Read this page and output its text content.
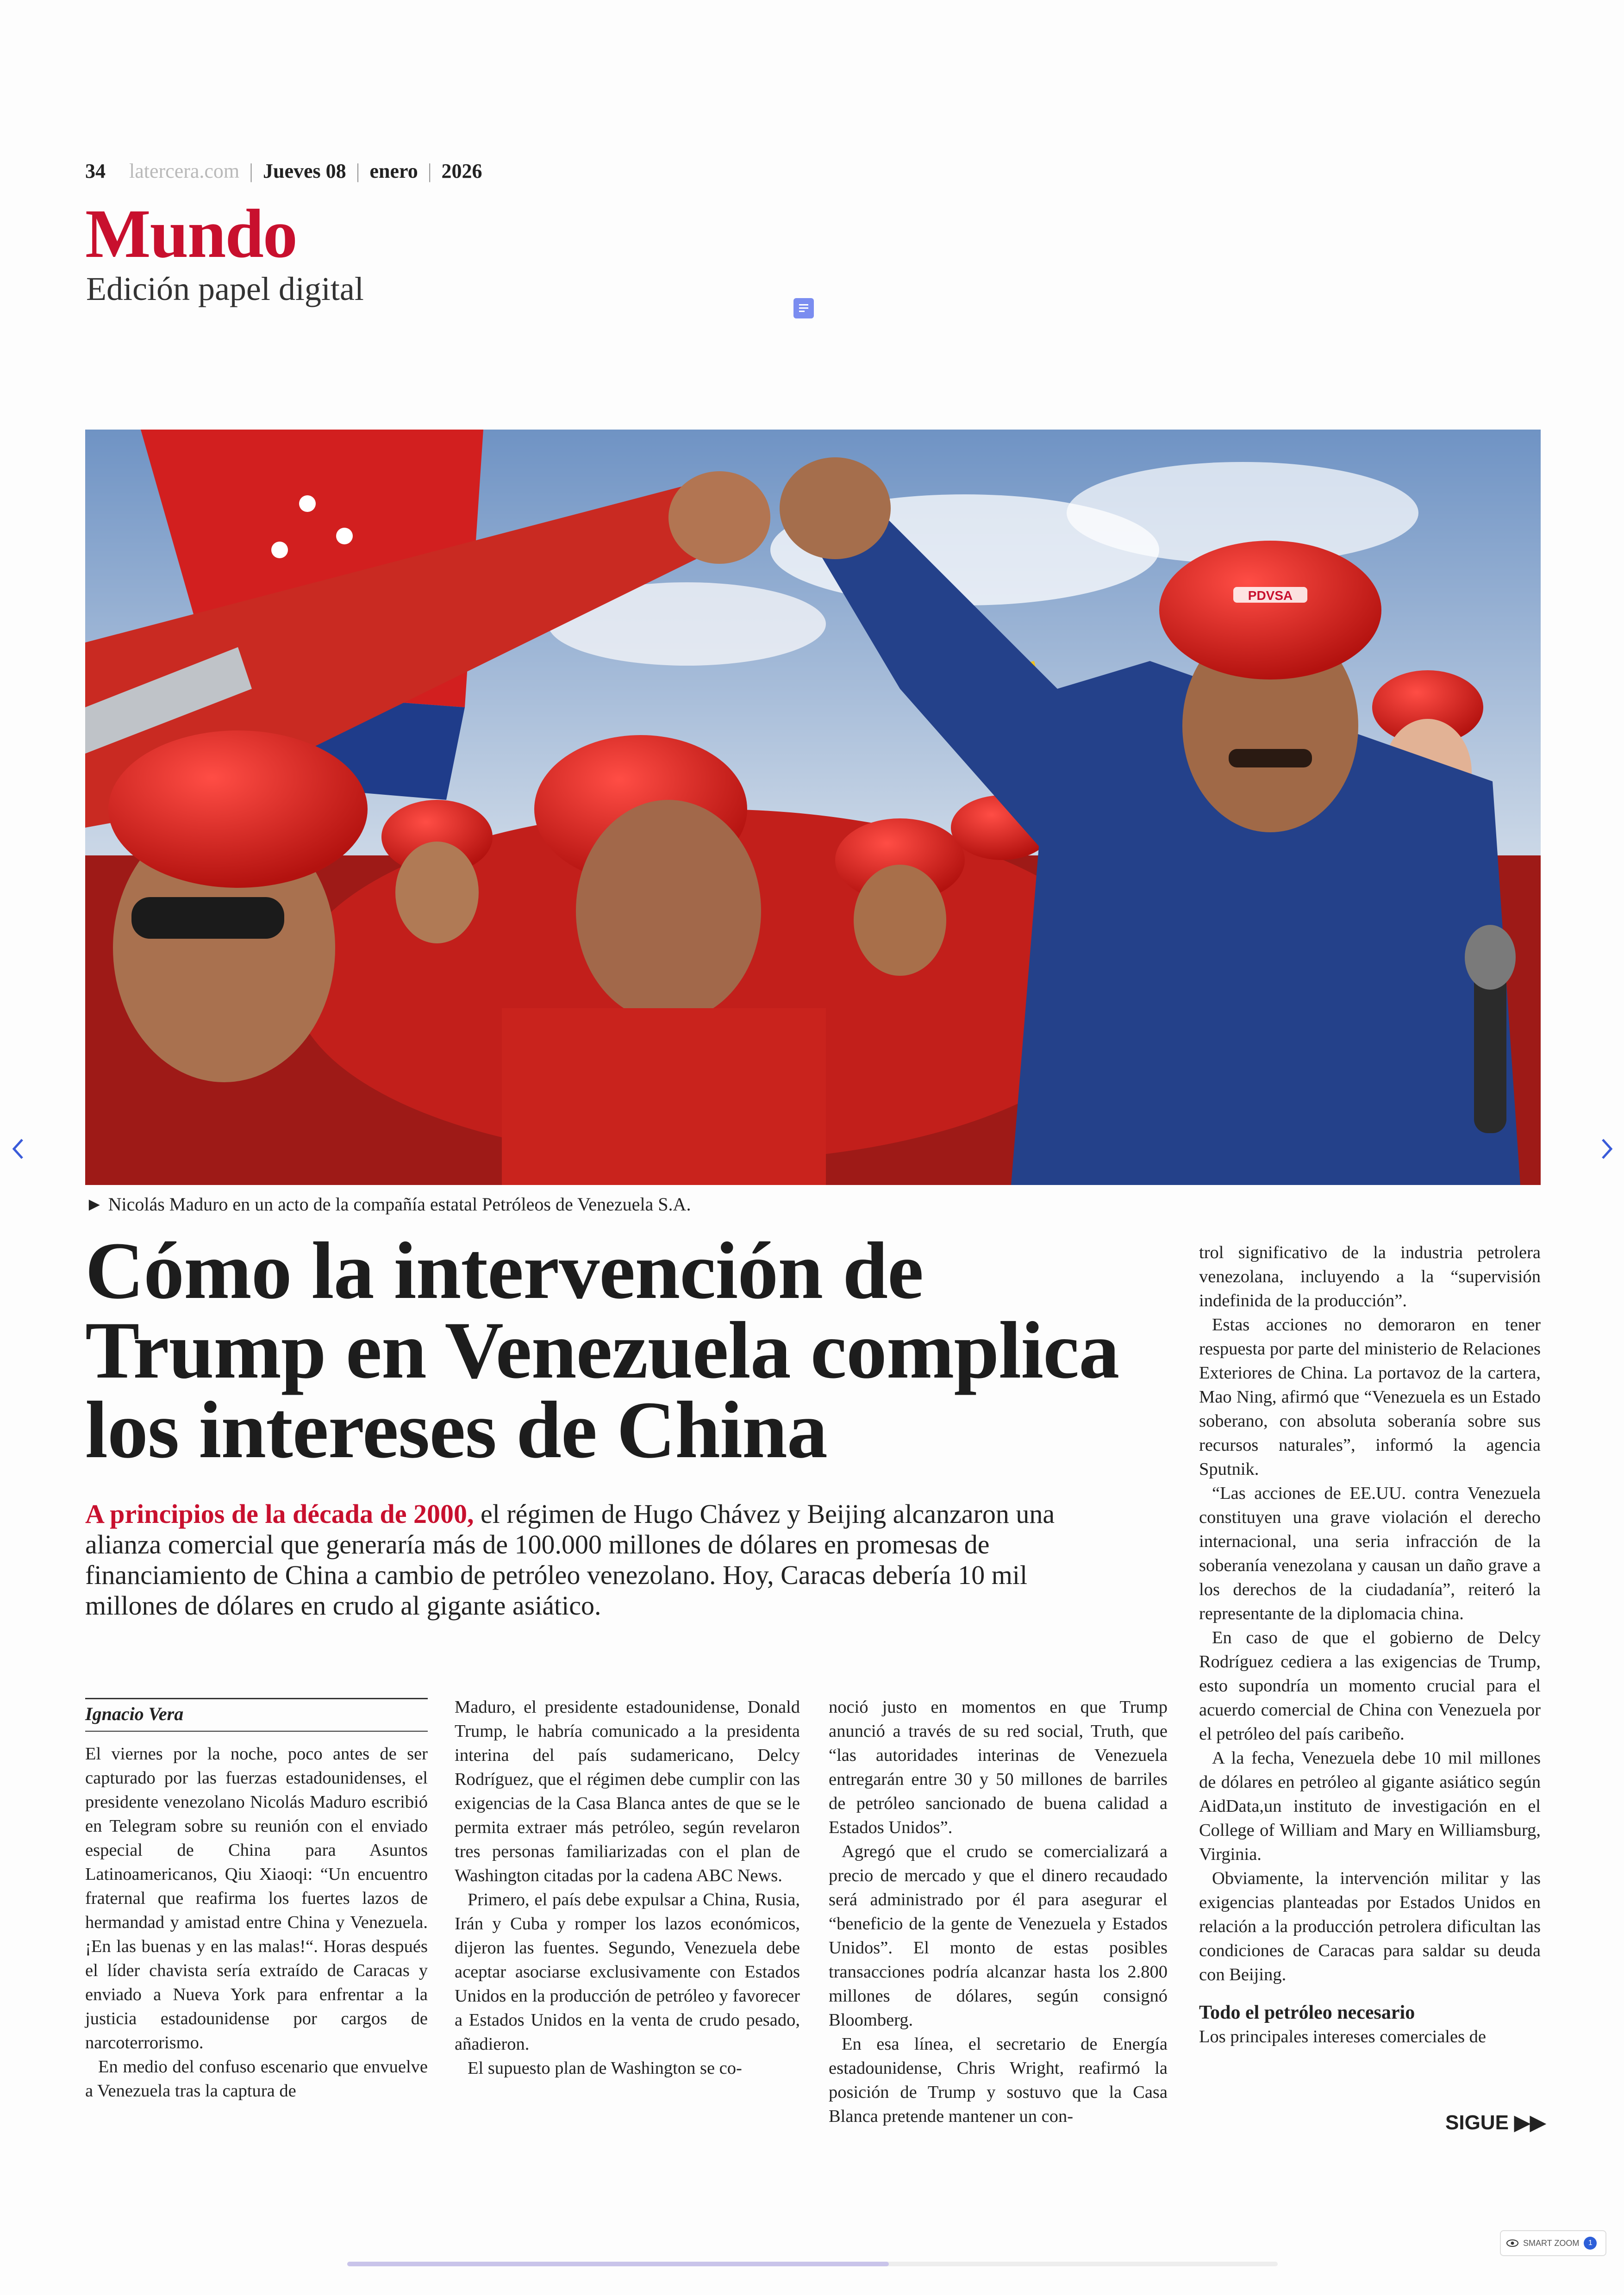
34 latercera.com | Jueves 08 | enero | 2026
Mundo
Edición papel digital
PDVSA
► Nicolás Maduro en un acto de la compañía estatal Petróleos de Venezuela S.A.
Cómo la intervención de Trump en Venezuela complica los intereses de China

A principios de la década de 2000, el régimen de Hugo Chávez y Beijing alcanzaron una alianza comercial que generaría más de 100.000 millones de dólares en promesas de financiamiento de China a cambio de petróleo venezolano. Hoy, Caracas debería 10 mil millones de dólares en crudo al gigante asiático.

Ignacio Vera

El viernes por la noche, poco antes de ser capturado por las fuerzas estadounidenses, el presidente venezolano Nicolás Maduro escribió en Telegram sobre su reunión con el enviado especial de China para Asuntos Latinoamericanos, Qiu Xiaoqi: “Un encuentro fraternal que reafirma los fuertes lazos de hermandad y amistad entre China y Venezuela. ¡En las buenas y en las malas!“. Horas después el líder chavista sería extraído de Caracas y enviado a Nueva York para enfrentar a la justicia estadounidense por cargos de narcoterrorismo.

En medio del confuso escenario que envuelve a Venezuela tras la captura de

Maduro, el presidente estadounidense, Donald Trump, le habría comunicado a la presidenta interina del país sudamericano, Delcy Rodríguez, que el régimen debe cumplir con las exigencias de la Casa Blanca antes de que se le permita extraer más petróleo, según revelaron tres personas familiarizadas con el plan de Washington citadas por la cadena ABC News.

Primero, el país debe expulsar a China, Rusia, Irán y Cuba y romper los lazos económicos, dijeron las fuentes. Segundo, Venezuela debe aceptar asociarse exclusivamente con Estados Unidos en la producción de petróleo y favorecer a Estados Unidos en la venta de crudo pesado, añadieron.

El supuesto plan de Washington se co-

noció justo en momentos en que Trump anunció a través de su red social, Truth, que “las autoridades interinas de Venezuela entregarán entre 30 y 50 millones de barriles de petróleo sancionado de buena calidad a Estados Unidos”.

Agregó que el crudo se comercializará a precio de mercado y que el dinero recaudado será administrado por él para asegurar el “beneficio de la gente de Venezuela y Estados Unidos”. El monto de estas posibles transacciones podría alcanzar hasta los 2.800 millones de dólares, según consignó Bloomberg.

En esa línea, el secretario de Energía estadounidense, Chris Wright, reafirmó la posición de Trump y sostuvo que la Casa Blanca pretende mantener un con-

trol significativo de la industria petrolera venezolana, incluyendo a la “supervisión indefinida de la producción”.

Estas acciones no demoraron en tener respuesta por parte del ministerio de Relaciones Exteriores de China. La portavoz de la cartera, Mao Ning, afirmó que “Venezuela es un Estado soberano, con absoluta soberanía sobre sus recursos naturales”, informó la agencia Sputnik.

“Las acciones de EE.UU. contra Venezuela constituyen una grave violación el derecho internacional, una seria infracción de la soberanía venezolana y causan un daño grave a los derechos de la ciudadanía”, reiteró la representante de la diplomacia china.

En caso de que el gobierno de Delcy Rodríguez cediera a las exigencias de Trump, esto supondría un momento crucial para el acuerdo comercial de China con Venezuela por el petróleo del país caribeño.

A la fecha, Venezuela debe 10 mil millones de dólares en petróleo al gigante asiático según AidData,un instituto de investigación en el College of William and Mary en Williamsburg, Virginia.

Obviamente, la intervención militar y las exigencias planteadas por Estados Unidos en relación a la producción petrolera dificultan las condiciones de Caracas para saldar su deuda con Beijing.

Todo el petróleo necesario

Los principales intereses comerciales de

SIGUE ▶▶
SMART ZOOM	1
